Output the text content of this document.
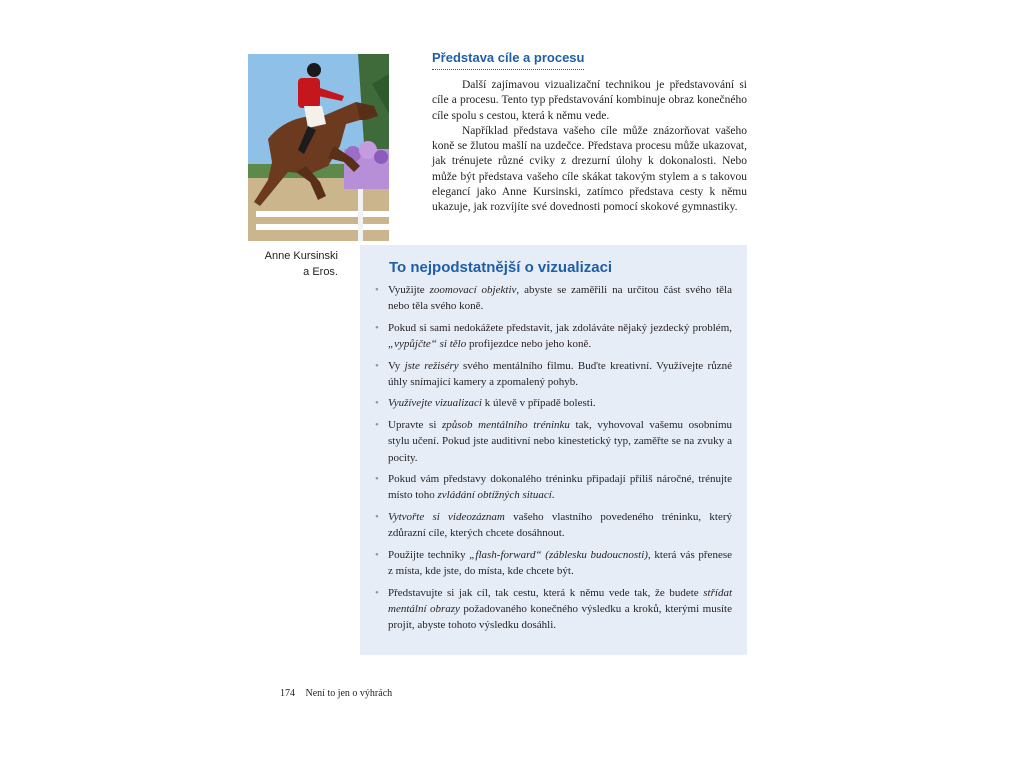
Anne Kursinski
a Eros.
Představa cíle a procesu

Další zajímavou vizualizační technikou je představování si cíle a procesu. Tento typ představování kombinuje obraz konečného cíle spolu s cestou, která k němu vede.

Například představa vašeho cíle může znázorňovat vašeho koně se žlutou mašlí na uzdečce. Představa procesu může ukazovat, jak trénujete různé cviky z drezurní úlohy k dokonalosti. Nebo může být představa vašeho cíle skákat takovým stylem a s takovou elegancí jako Anne Kursinski, zatímco představa cesty k němu ukazuje, jak rozvíjíte své dovednosti pomocí skokové gymnastiky.

To nejpodstatnější o vizualizaci
• Využijte zoomovací objektiv, abyste se zaměřili na určitou část svého těla nebo těla svého koně.
• Pokud si sami nedokážete představit, jak zdoláváte nějaký jezdecký problém, „vypůjčte“ si tělo profijezdce nebo jeho koně.
• Vy jste režiséry svého mentálního filmu. Buďte kreativní. Využívejte různé úhly snímající kamery a zpomalený pohyb.
• Využívejte vizualizaci k úlevě v případě bolesti.
• Upravte si způsob mentálního tréninku tak, vyhovoval vašemu osobnímu stylu učení. Pokud jste auditivní nebo kinestetický typ, zaměřte se na zvuky a pocity.
• Pokud vám představy dokonalého tréninku připadají příliš náročné, trénujte místo toho zvládání obtížných situací.
• Vytvořte si videozáznam vašeho vlastního povedeného tréninku, který zdůrazní cíle, kterých chcete dosáhnout.
• Použijte techniky „flash-forward“ (záblesku budoucnosti), která vás přenese z místa, kde jste, do místa, kde chcete být.
• Představujte si jak cíl, tak cestu, která k němu vede tak, že budete střídat mentální obrazy požadovaného konečného výsledku a kroků, kterými musíte projít, abyste tohoto výsledku dosáhli.
174 Není to jen o výhrách
